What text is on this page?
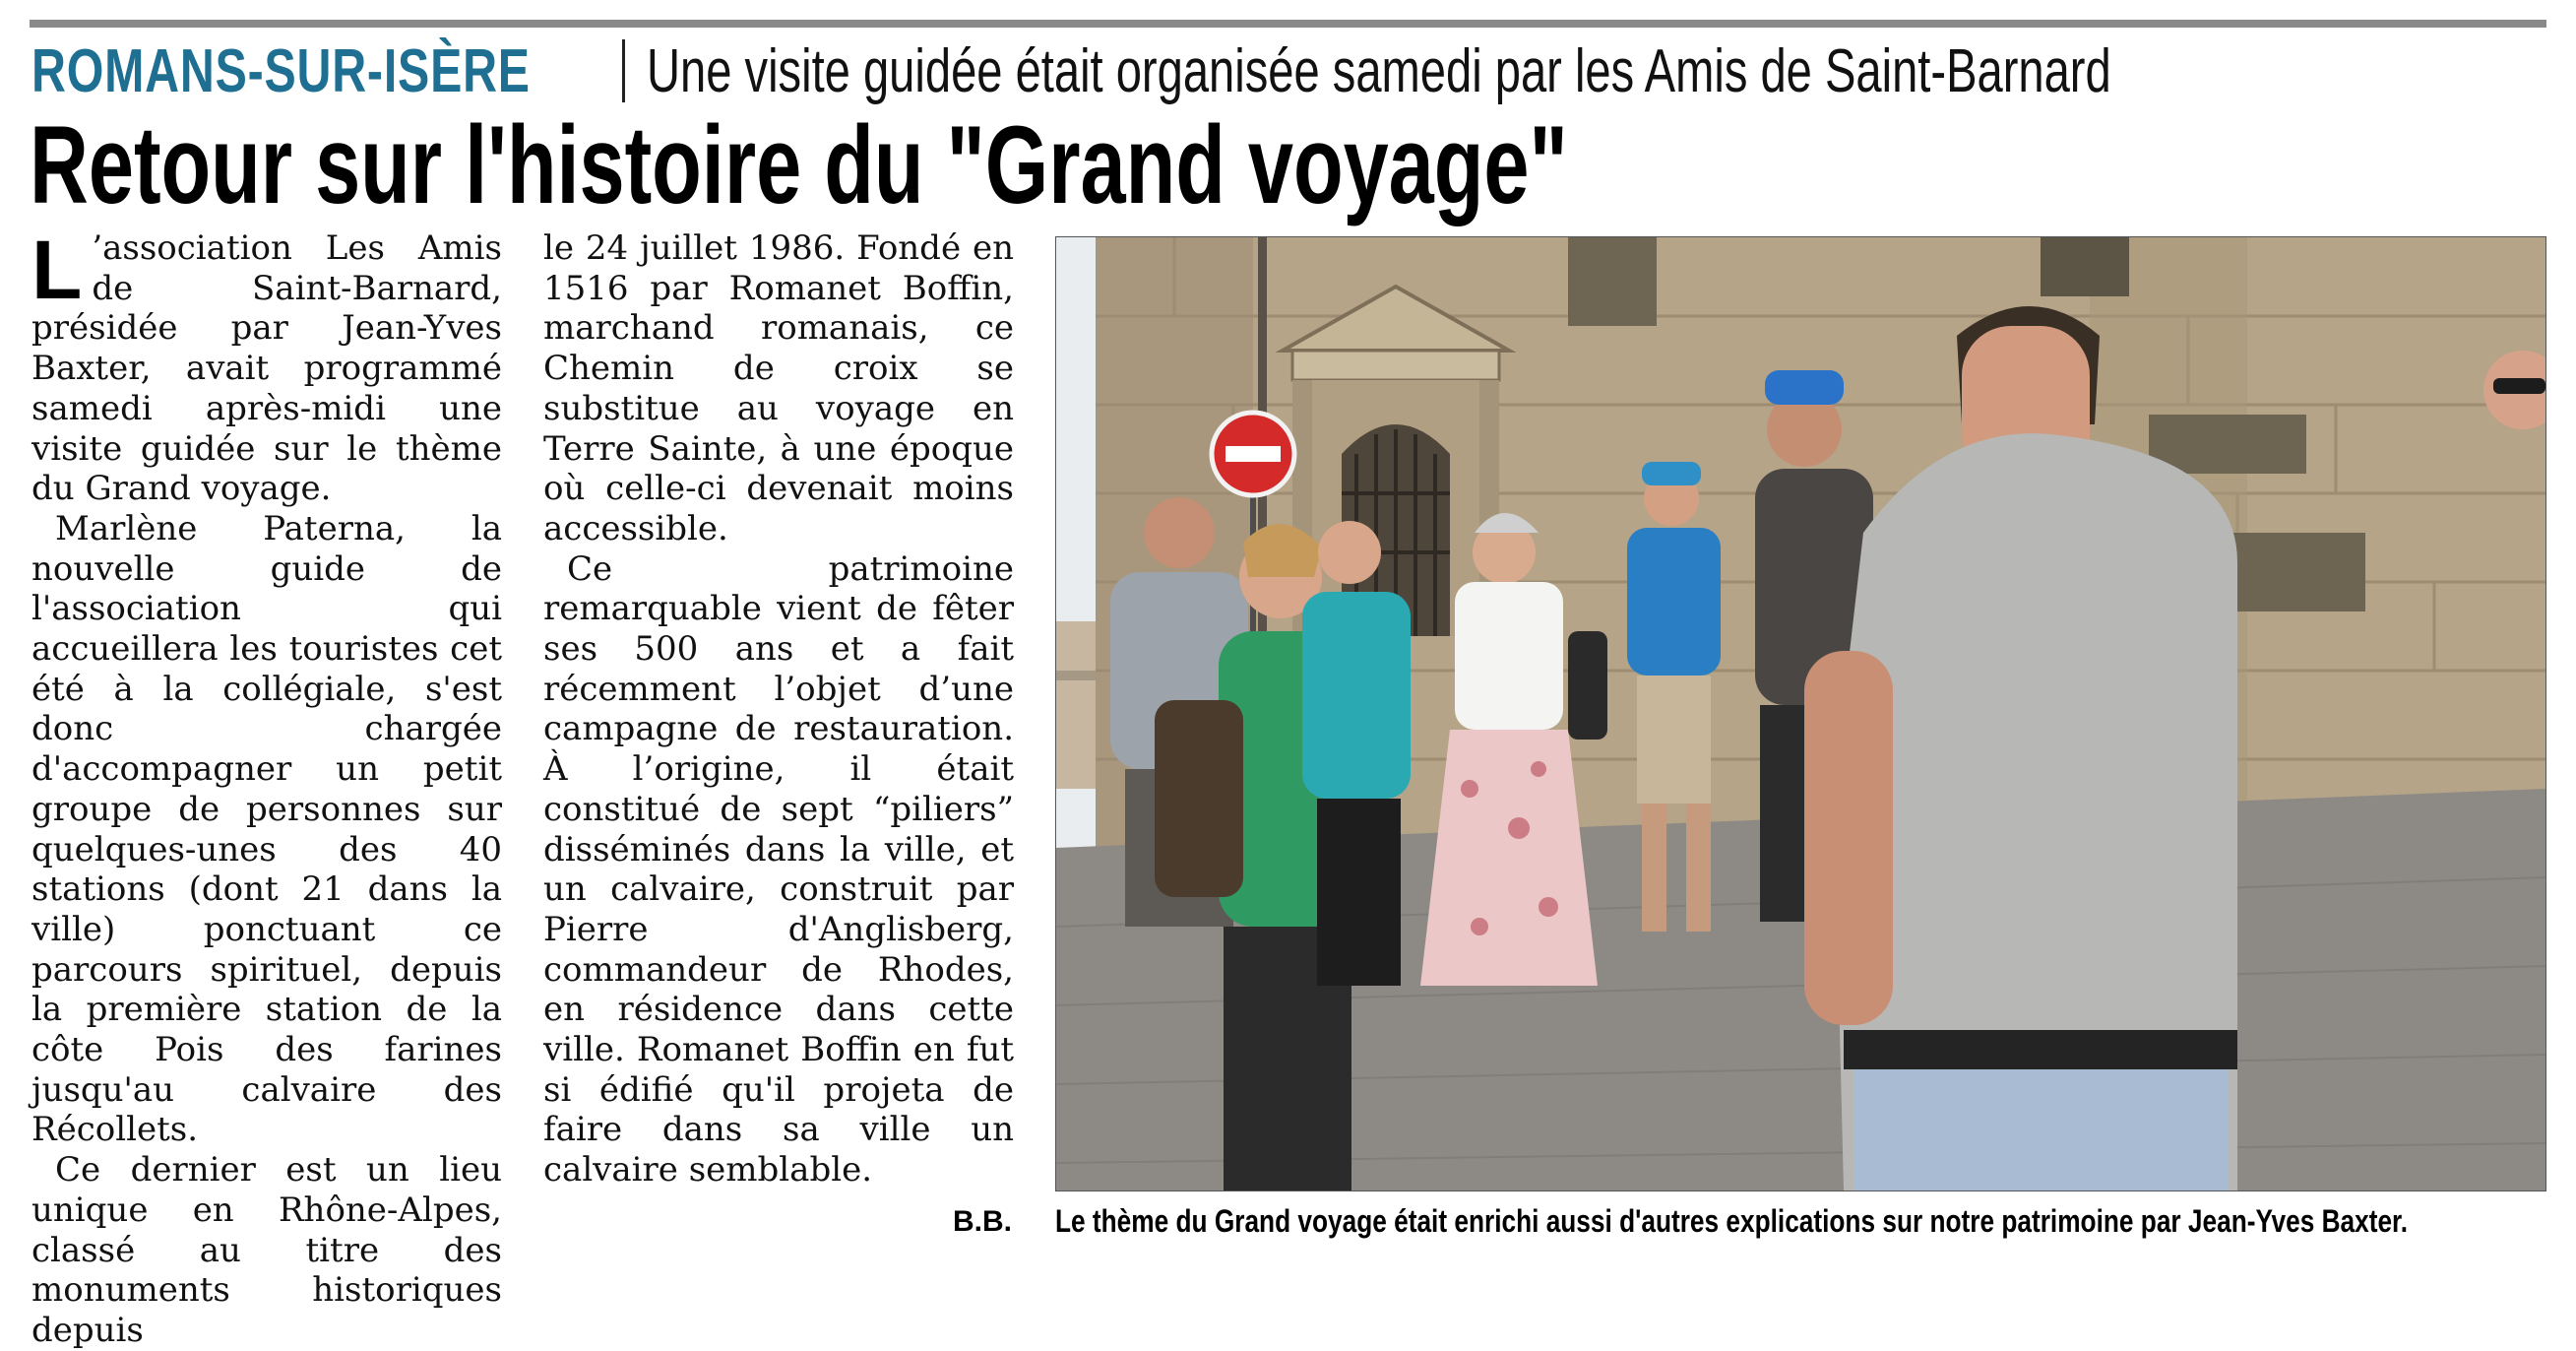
ROMANS-SUR-ISÈRE Une visite guidée était organisée samedi par les Amis de Saint-Barnard
Retour sur l'histoire du "Grand voyage"

L ’association Les Amis de Saint-Barnard, présidée par Jean-Yves Baxter, avait programmé samedi après-midi une visite guidée sur le thème du Grand voyage.

Marlène Paterna, la nouvelle guide de l'association qui accueillera les touristes cet été à la collégiale, s'est donc chargée d'accompagner un petit groupe de personnes sur quelques-unes des 40 stations (dont 21 dans la ville) ponctuant ce parcours spirituel, depuis la première station de la côte Pois des farines jusqu'au calvaire des Récollets.

Ce dernier est un lieu unique en Rhône-Alpes, classé au titre des monuments historiques depuis

le 24 juillet 1986. Fondé en 1516 par Romanet Boffin, marchand romanais, ce Chemin de croix se substitue au voyage en Terre Sainte, à une époque où celle-ci devenait moins accessible.

Ce patrimoine remarquable vient de fêter ses 500 ans et a fait récemment l’objet d’une campagne de restauration. À l’origine, il était constitué de sept “piliers” disséminés dans la ville, et un calvaire, construit par Pierre d'Anglisberg, commandeur de Rhodes, en résidence dans cette ville. Romanet Boffin en fut si édifié qu'il projeta de faire dans sa ville un calvaire semblable.

B.B. Le thème du Grand voyage était enrichi aussi d'autres explications sur notre patrimoine par Jean-Yves Baxter.
